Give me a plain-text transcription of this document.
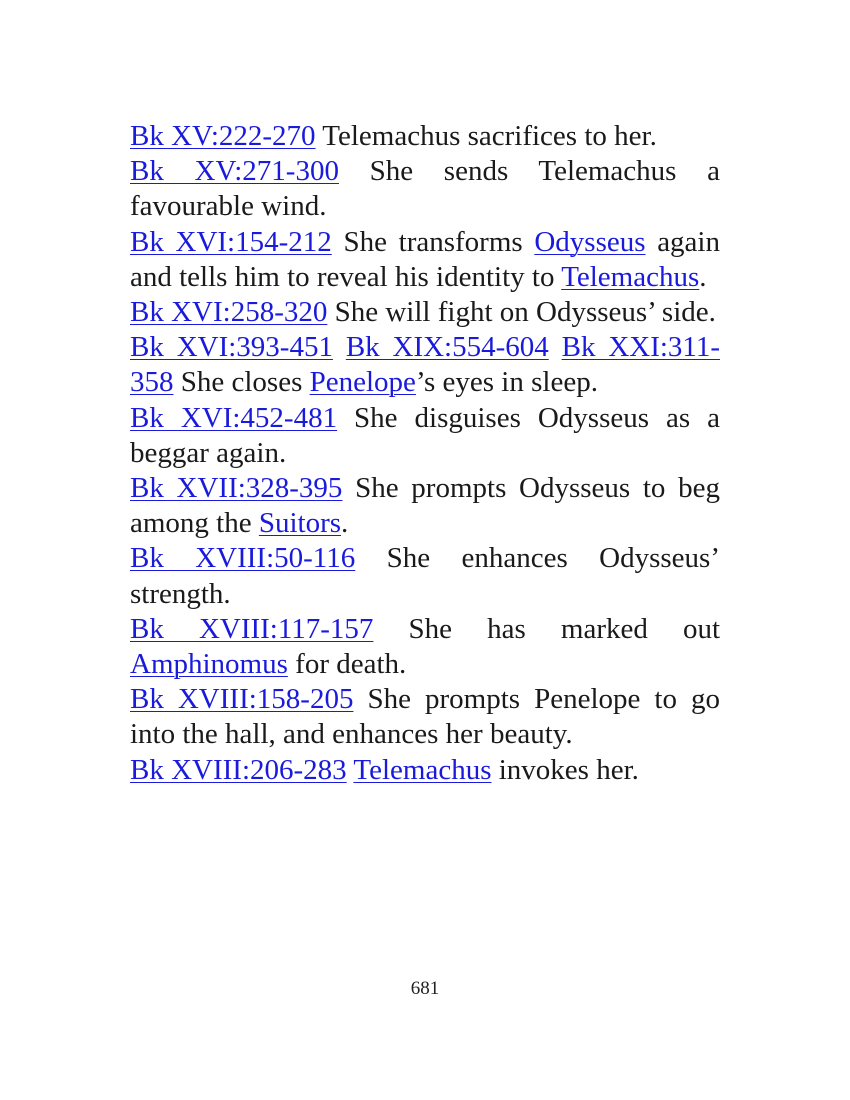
Bk XV:222-270 Telemachus sacrifices to her.

Bk XV:271-300 She sends Telemachus a favourable wind.

Bk XVI:154-212 She transforms Odysseus again and tells him to reveal his identity to Telemachus.

Bk XVI:258-320 She will fight on Odysseus’ side.

Bk XVI:393-451 Bk XIX:554-604 Bk XXI:311-358 She closes Penelope’s eyes in sleep.

Bk XVI:452-481 She disguises Odysseus as a beggar again.

Bk XVII:328-395 She prompts Odysseus to beg among the Suitors.

Bk XVIII:50-116 She enhances Odysseus’ strength.

Bk XVIII:117-157 She has marked out Amphinomus for death.

Bk XVIII:158-205 She prompts Penelope to go into the hall, and enhances her beauty.

Bk XVIII:206-283 Telemachus invokes her.

681
